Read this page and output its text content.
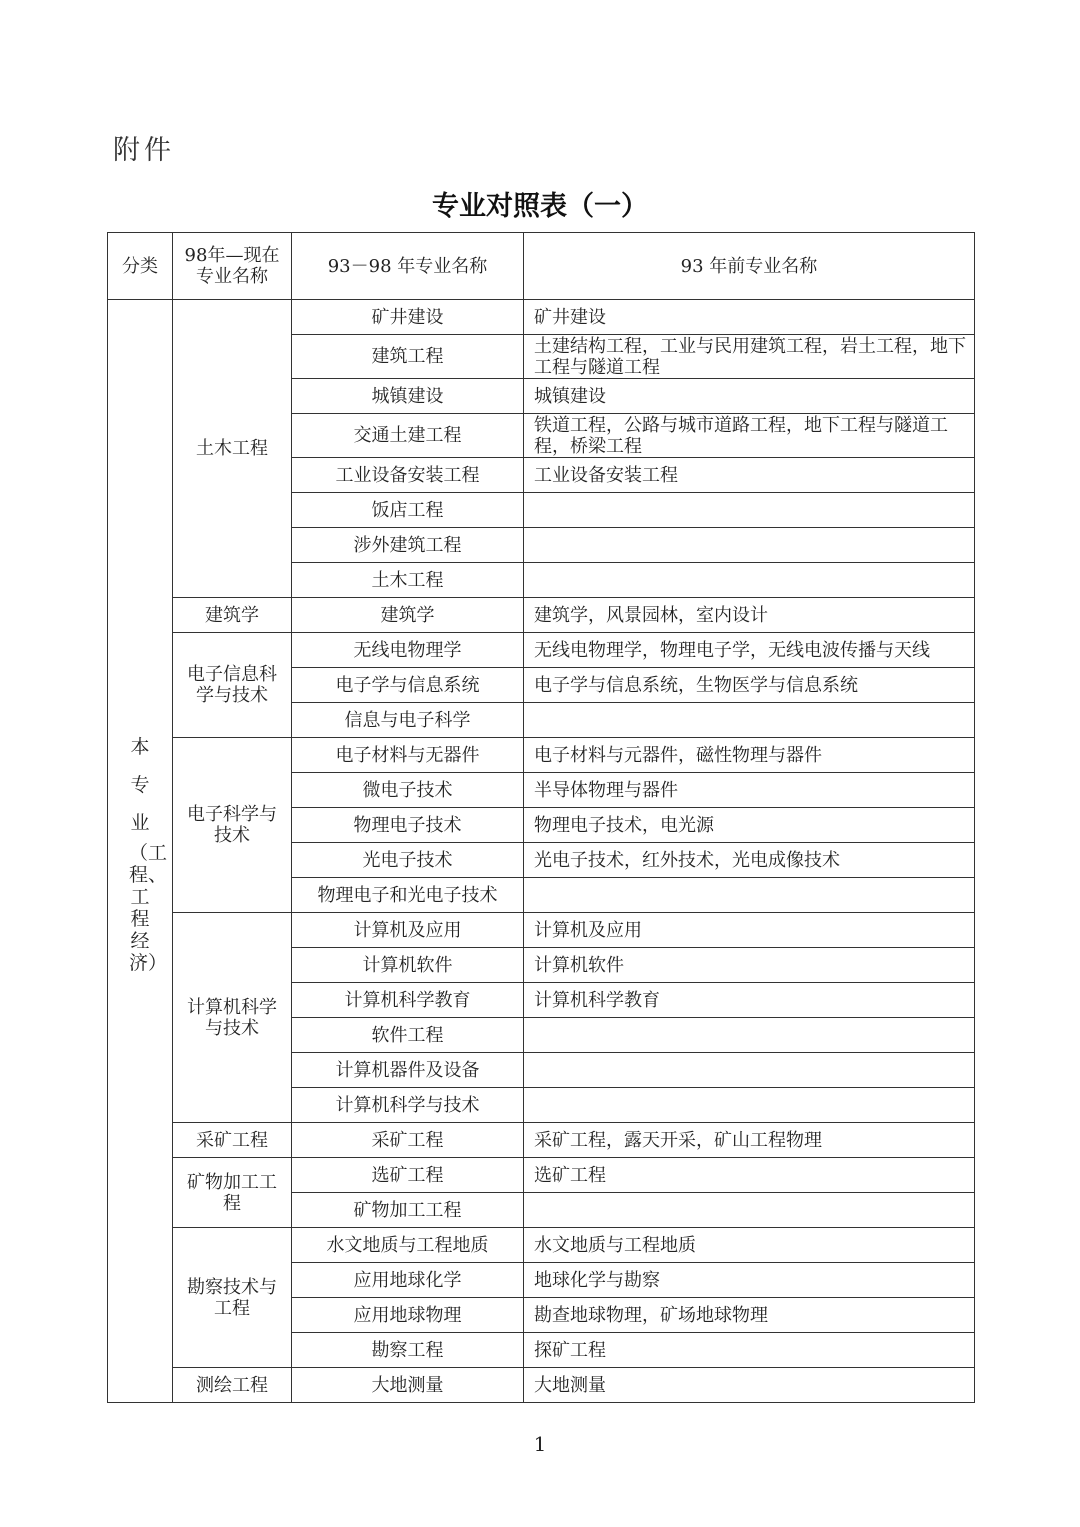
附件
专业对照表（一）
分类	98年—现在专业名称	93－98 年专业名称	93 年前专业名称

本
专
业
（工程、工程经济）	土木工程	矿井建设	矿井建设
		建筑工程	土建结构工程，工业与民用建筑工程，岩土工程，地下工程与隧道工程
		城镇建设	城镇建设
		交通土建工程	铁道工程，公路与城市道路工程，地下工程与隧道工程，桥梁工程
		工业设备安装工程	工业设备安装工程
		饭店工程	
		涉外建筑工程	
		土木工程	
	建筑学	建筑学	建筑学，风景园林，室内设计
	电子信息科学与技术	无线电物理学	无线电物理学，物理电子学，无线电波传播与天线
		电子学与信息系统	电子学与信息系统，生物医学与信息系统
		信息与电子科学	
	电子科学与技术	电子材料与无器件	电子材料与元器件，磁性物理与器件
		微电子技术	半导体物理与器件
		物理电子技术	物理电子技术，电光源
		光电子技术	光电子技术，红外技术，光电成像技术
		物理电子和光电子技术	
	计算机科学与技术	计算机及应用	计算机及应用
		计算机软件	计算机软件
		计算机科学教育	计算机科学教育
		软件工程	
		计算机器件及设备	
		计算机科学与技术	
	采矿工程	采矿工程	采矿工程，露天开采，矿山工程物理
	矿物加工工程	选矿工程	选矿工程
		矿物加工工程	
	勘察技术与工程	水文地质与工程地质	水文地质与工程地质
		应用地球化学	地球化学与勘察
		应用地球物理	勘查地球物理，矿场地球物理
		勘察工程	探矿工程
	测绘工程	大地测量	大地测量
1
